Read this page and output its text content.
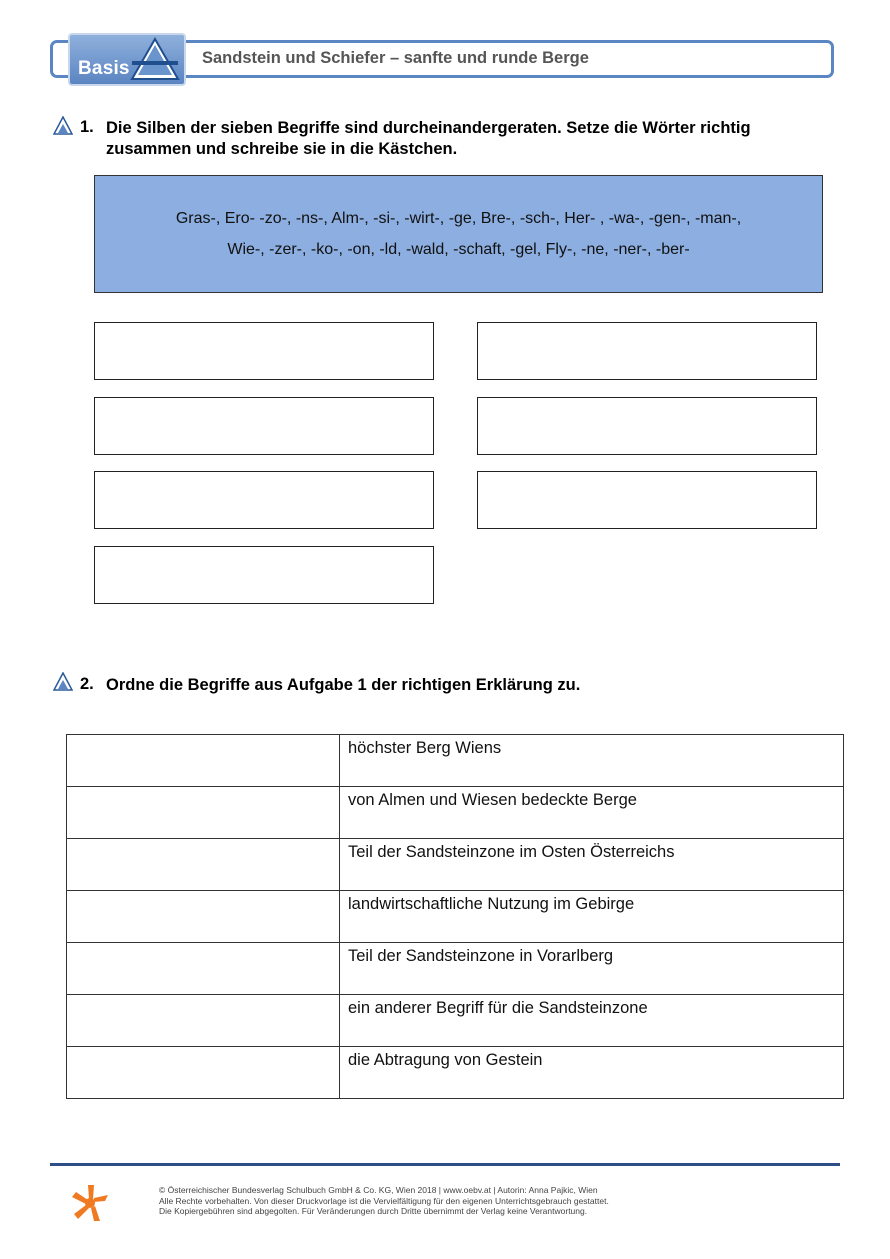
Basis	Sandstein und Schiefer – sanfte und runde Berge
1. Die Silben der sieben Begriffe sind durcheinandergeraten. Setze die Wörter richtig
zusammen und schreibe sie in die Kästchen.
Gras-, Ero- -zo-, -ns-, Alm-, -si-, -wirt-, -ge, Bre-, -sch-, Her- , -wa-, -gen-, -man-,
Wie-, -zer-, -ko-, -on, -ld, -wald, -schaft, -gel, Fly-, -ne, -ner-, -ber-
2. Ordne die Begriffe aus Aufgabe 1 der richtigen Erklärung zu.
	höchster Berg Wiens
	von Almen und Wiesen bedeckte Berge
	Teil der Sandsteinzone im Osten Österreichs
	landwirtschaftliche Nutzung im Gebirge
	Teil der Sandsteinzone in Vorarlberg
	ein anderer Begriff für die Sandsteinzone
	die Abtragung von Gestein
© Österreichischer Bundesverlag Schulbuch GmbH & Co. KG, Wien 2018 | www.oebv.at | Autorin: Anna Pajkic, Wien
Alle Rechte vorbehalten. Von dieser Druckvorlage ist die Vervielfältigung für den eigenen Unterrichtsgebrauch gestattet.
Die Kopiergebühren sind abgegolten. Für Veränderungen durch Dritte übernimmt der Verlag keine Verantwortung.
